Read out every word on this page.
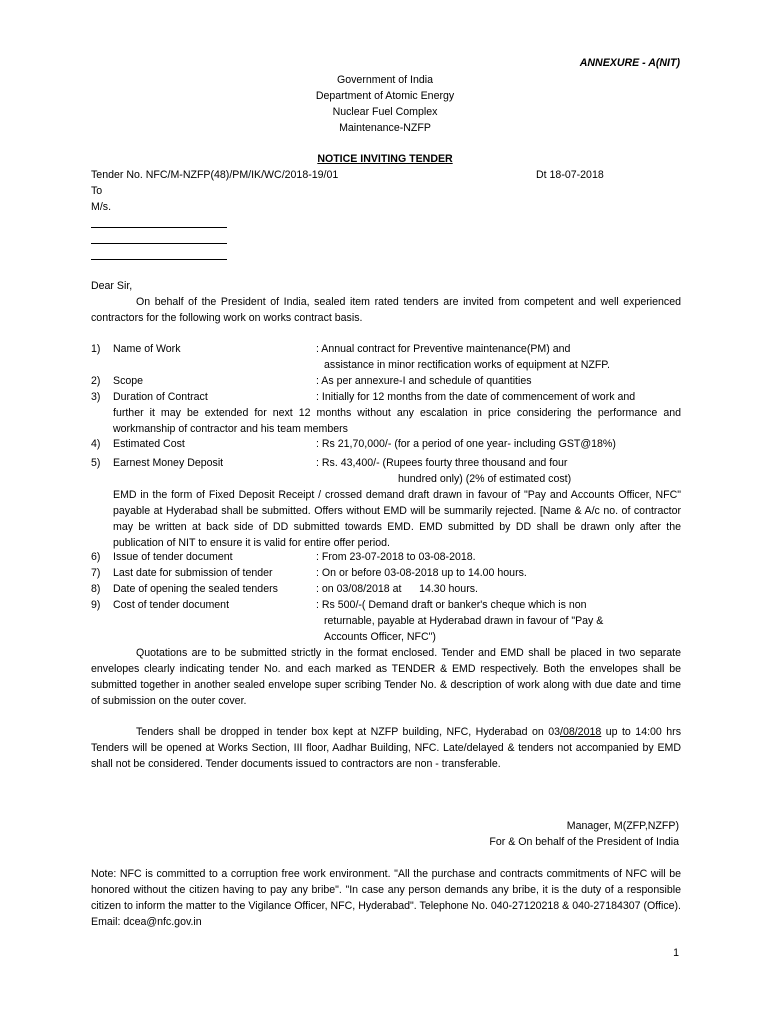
ANNEXURE - A(NIT)
Government of India
Department of Atomic Energy
Nuclear Fuel Complex
Maintenance-NZFP
NOTICE INVITING TENDER
Tender No. NFC/M-NZFP(48)/PM/IK/WC/2018-19/01	Dt 18-07-2018
To
M/s.
Dear Sir,
On behalf of the President of India, sealed item rated tenders are invited from competent and well experienced contractors for the following work on works contract basis.
1) Name of Work	: Annual contract for Preventive maintenance(PM) and
assistance in minor rectification works of equipment at NZFP.
2) Scope	: As per annexure-I and schedule of quantities
3) Duration of Contract	: Initially for 12 months from the date of commencement of work and
further it may be extended for next 12 months without any escalation in price considering the performance and workmanship of contractor and his team members
4) Estimated Cost	: Rs 21,70,000/- (for a period of one year- including GST@18%)
5) Earnest Money Deposit	: Rs. 43,400/- (Rupees fourty three thousand and four
hundred only) (2% of estimated cost)
EMD in the form of Fixed Deposit Receipt / crossed demand draft drawn in favour of "Pay and Accounts Officer, NFC" payable at Hyderabad shall be submitted. Offers without EMD will be summarily rejected. [Name & A/c no. of contractor may be written at back side of DD submitted towards EMD. EMD submitted by DD shall be drawn only after the publication of NIT to ensure it is valid for entire offer period.
6) Issue of tender document	: From 23-07-2018 to 03-08-2018.
7) Last date for submission of tender	: On or before 03-08-2018 up to 14.00 hours.
8) Date of opening the sealed tenders	: on 03/08/2018 at      14.30 hours.
9) Cost of tender document	: Rs 500/-( Demand draft or banker's cheque which is non
returnable, payable at Hyderabad drawn in favour of "Pay &
Accounts Officer, NFC")
Quotations are to be submitted strictly in the format enclosed. Tender and EMD shall be placed in two separate envelopes clearly indicating tender No. and each marked as TENDER & EMD respectively. Both the envelopes shall be submitted together in another sealed envelope super scribing Tender No. & description of work along with due date and time of submission on the outer cover.
Tenders shall be dropped in tender box kept at NZFP building, NFC, Hyderabad on 03/08/2018 up to 14:00 hrs Tenders will be opened at Works Section, III floor, Aadhar Building, NFC. Late/delayed & tenders not accompanied by EMD shall not be considered. Tender documents issued to contractors are non - transferable.
Manager, M(ZFP,NZFP)
For & On behalf of the President of India
Note: NFC is committed to a corruption free work environment. "All the purchase and contracts commitments of NFC will be honored without the citizen having to pay any bribe". "In case any person demands any bribe, it is the duty of a responsible citizen to inform the matter to the Vigilance Officer, NFC, Hyderabad". Telephone No. 040-27120218 & 040-27184307 (Office). Email: dcea@nfc.gov.in
1
